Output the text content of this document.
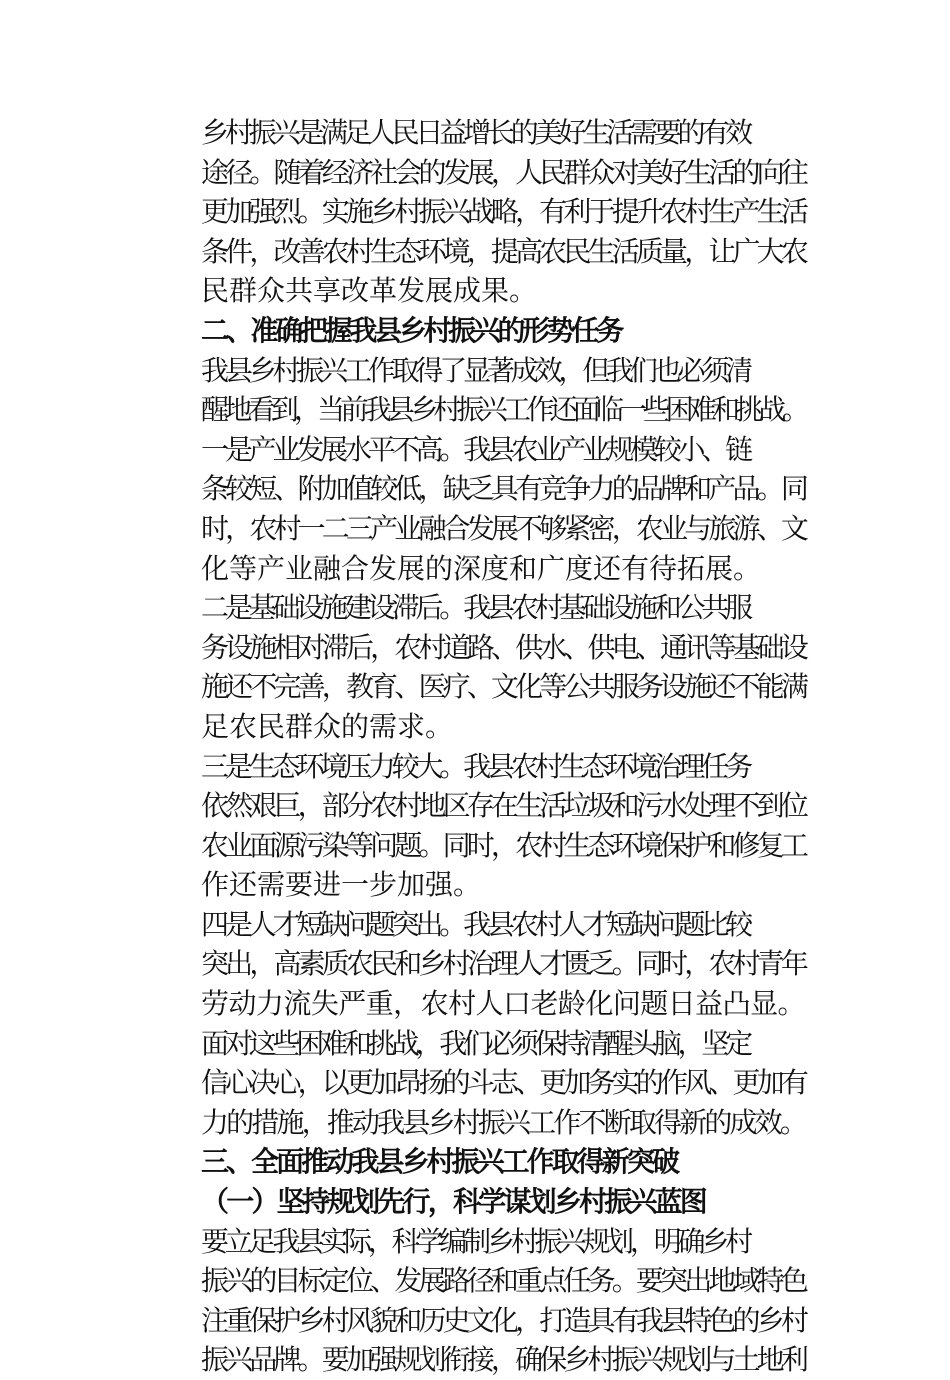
乡村振兴是满足人民日益增长的美好生活需要的有效
途径。随着经济社会的发展，人民群众对美好生活的向往
更加强烈。实施乡村振兴战略，有利于提升农村生产生活
条件，改善农村生态环境，提高农民生活质量，让广大农
民群众共享改革发展成果。
二、准确把握我县乡村振兴的形势任务
我县乡村振兴工作取得了显著成效，但我们也必须清
醒地看到，当前我县乡村振兴工作还面临一些困难和挑战。
一是产业发展水平不高。我县农业产业规模较小、链
条较短、附加值较低，缺乏具有竞争力的品牌和产品。同
时，农村一二三产业融合发展不够紧密，农业与旅游、文
化等产业融合发展的深度和广度还有待拓展。
二是基础设施建设滞后。我县农村基础设施和公共服
务设施相对滞后，农村道路、供水、供电、通讯等基础设
施还不完善，教育、医疗、文化等公共服务设施还不能满
足农民群众的需求。
三是生态环境压力较大。我县农村生态环境治理任务
依然艰巨，部分农村地区存在生活垃圾和污水处理不到位
农业面源污染等问题。同时，农村生态环境保护和修复工
作还需要进一步加强。
四是人才短缺问题突出。我县农村人才短缺问题比较
突出，高素质农民和乡村治理人才匮乏。同时，农村青年
劳动力流失严重，农村人口老龄化问题日益凸显。
面对这些困难和挑战，我们必须保持清醒头脑，坚定
信心决心，以更加昂扬的斗志、更加务实的作风、更加有
力的措施，推动我县乡村振兴工作不断取得新的成效。
三、全面推动我县乡村振兴工作取得新突破
（一）坚持规划先行，科学谋划乡村振兴蓝图
要立足我县实际，科学编制乡村振兴规划，明确乡村
振兴的目标定位、发展路径和重点任务。要突出地域特色
注重保护乡村风貌和历史文化，打造具有我县特色的乡村
振兴品牌。要加强规划衔接，确保乡村振兴规划与土地利
